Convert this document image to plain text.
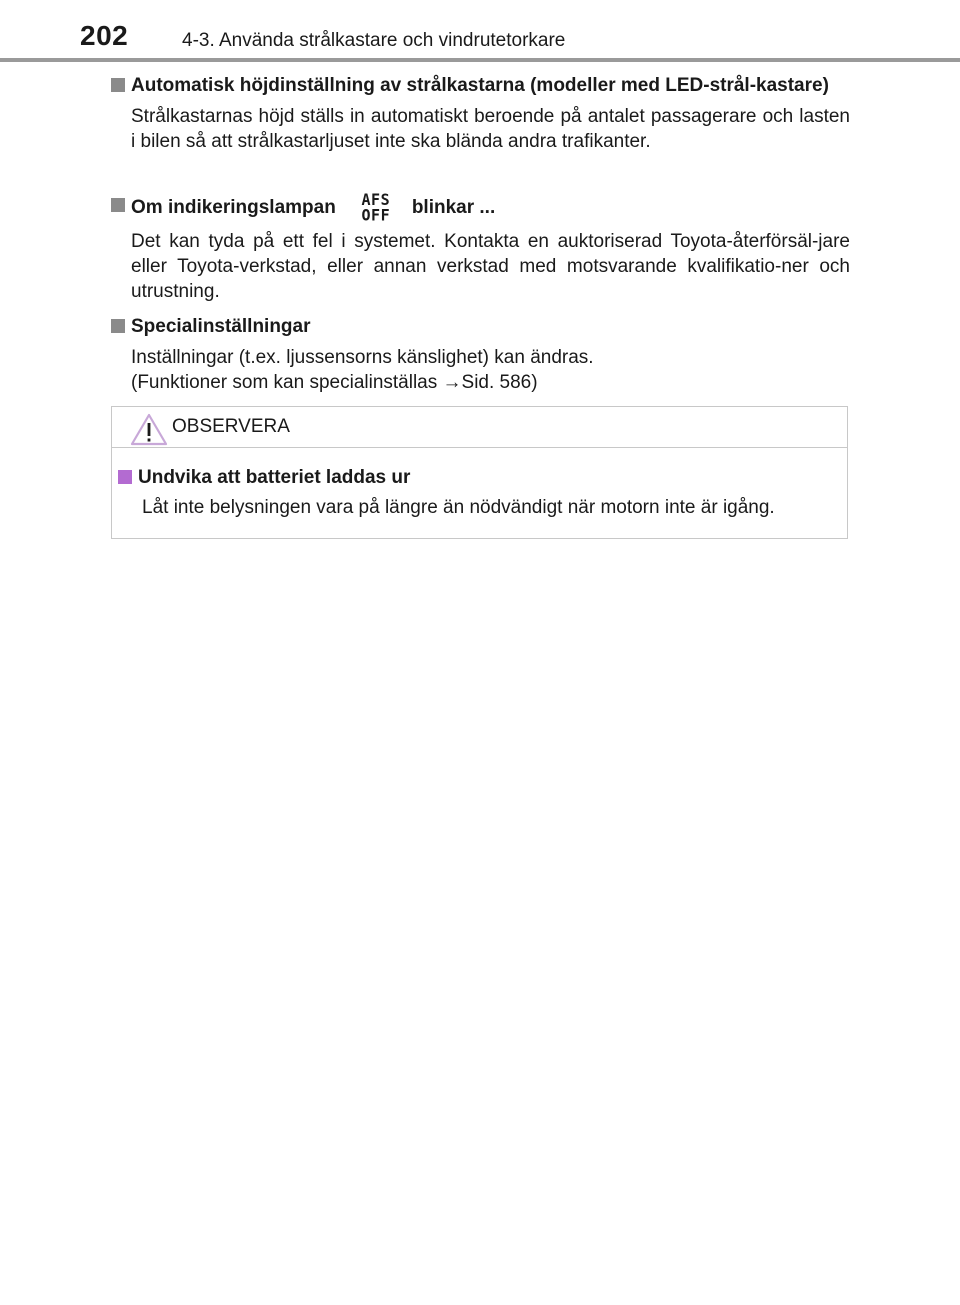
202	4-3. Använda strålkastare och vindrutetorkare
Automatisk höjdinställning av strålkastarna (modeller med LED-strål-kastare)
Strålkastarnas höjd ställs in automatiskt beroende på antalet passagerare och lasten i bilen så att strålkastarljuset inte ska blända andra trafikanter.
Om indikeringslampan AFS
OFF blinkar ...
Det kan tyda på ett fel i systemet. Kontakta en auktoriserad Toyota-återförsäl-jare eller Toyota-verkstad, eller annan verkstad med motsvarande kvalifikatio-ner och utrustning.
Specialinställningar
Inställningar (t.ex. ljussensorns känslighet) kan ändras.
(Funktioner som kan specialinställas →Sid. 586)
OBSERVERA
Undvika att batteriet laddas ur
Låt inte belysningen vara på längre än nödvändigt när motorn inte är igång.
